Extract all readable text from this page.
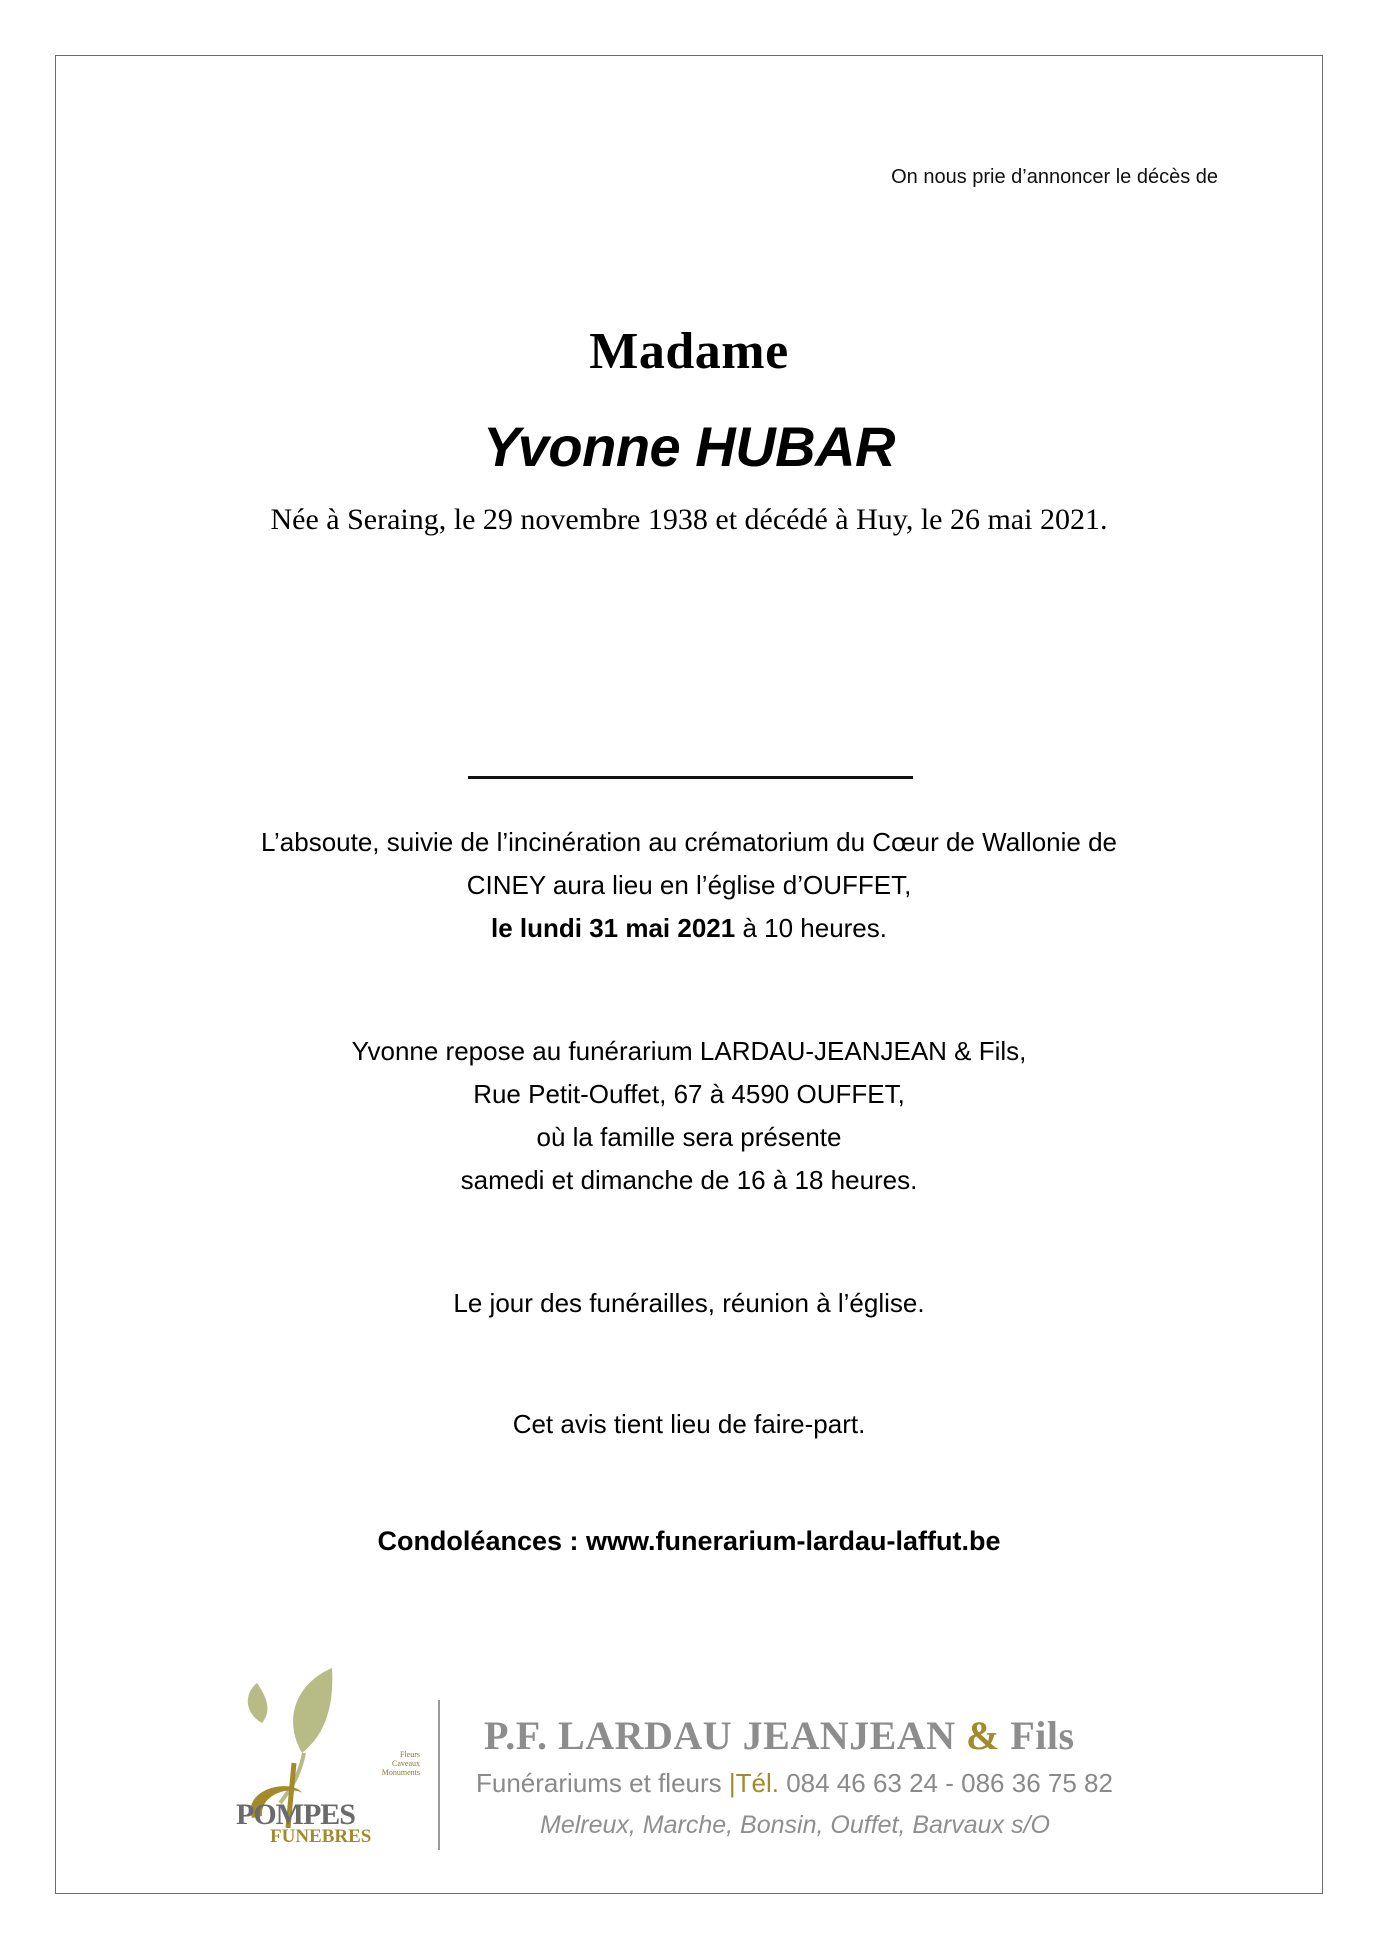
On nous prie d’annoncer le décès de
Madame
Yvonne HUBAR
Née à Seraing, le 29 novembre 1938 et décédé à Huy, le 26 mai 2021.
L’absoute, suivie de l’incinération au crématorium du Cœur de Wallonie de
CINEY aura lieu en l’église d’OUFFET,
le lundi 31 mai 2021 à 10 heures.
Yvonne repose au funérarium LARDAU-JEANJEAN & Fils,
Rue Petit-Ouffet, 67 à 4590 OUFFET,
où la famille sera présente
samedi et dimanche de 16 à 18 heures.
Le jour des funérailles, réunion à l’église.
Cet avis tient lieu de faire-part.
Condoléances : www.funerarium-lardau-laffut.be
Fleurs
Caveaux
Monuments
POMPES
FUNEBRES
P.F. LARDAU JEANJEAN & Fils
Funérariums et fleurs |Tél. 084 46 63 24 - 086 36 75 82
Melreux, Marche, Bonsin, Ouffet, Barvaux s/O
